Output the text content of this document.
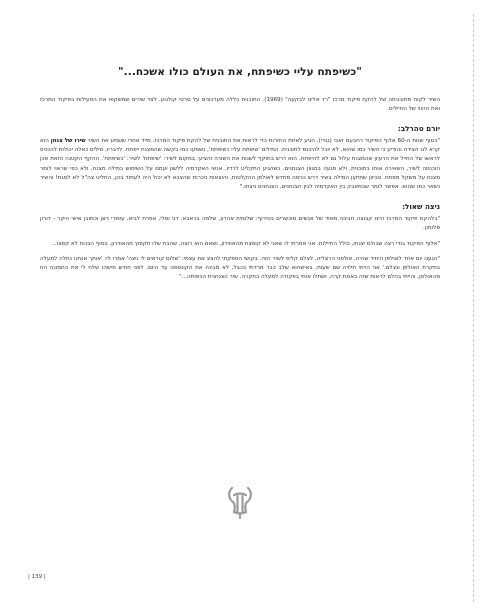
"כשיפתח עליי כשיפתח, את העולם כולו אשכח..."

השיר לקוח מתוכניתה של להקת פיקוד מרכז "רד אלינו לבקעה" (1969). התוכנית כללה מערכונים על סרטי קולנוע, לצד שירים שמשקפו את הפעילות בפיקוד המרכז ואת ההווי של החיילים.

יורם טהרלב:

"בסוף שנות ה-60 אלוף הפיקוד רחבעם זאבי (גנדי), הגיע לאחת החזרות כדי לראות את התוכנית של להקת פיקוד המרכז. מייד אחרי ששמע את השיר שירו של צנחן הוא קרא לנו הצידה והודיע כי השיר כמו שהוא, לא יוכל להיכנס לתוכנית. המילים 'שיפתח עליי כשיפתח', נשמעו כמו בקשה שהמצנח ייפתח. לדבריו, מילים כאלה יכולות להכניס לראשו של החייל את הרעיון שהמצנח עלול גם לא להיפתח. הוא דרש בתוקף לשנות את השורה והציע: במקום לשיר: 'שיפתח' לשיר: 'כשיפתח'. ההקף הקטנה הזאת אכן הוכנסה לשיר, השאירה אותו בתוכנית, ולא פגעה במגוון הצנחנים. כשהגיע התקליט לרדיו, אנשי האקדמיה ללשון ועמם על השימוש במילה מצנח, ולא כפי שראוי לומר מצנח על משקל מפתח. טכיוון שתיקון המילה בשיר דרש כניסה מחדש לאולפן ההקלטות, והוצאות ניכרות שהצבא לא יכול היה לעמוד בהן, החליט צה"ל לא לסגת! והשיר נשאר כמו שהוא. אפשר לומר שבמאבק בין האקדמיה לבין הצנחנים, הצנחנים ניצחו."

ניצה שאול:

"בלהקת פיקוד המרכז היינו קבוצה חביבה מאוד של אנשים מוכשרים בטירוף: שלומית אהרון, שלמה בראבא, דני וסלי, אפרת לביא, עזמרי ניצן וכמובן אישי היקר - דורון סלומון.

"אלוף הפיקוד גנדי רצה שכולם יצנחו, כולל החיילות. אני אמרתי לו שאני לא קופצת מהאווירון, ושאם הוא רוצה, שהבת שלו תקפוץ מהאווירון. בסוף הבנות לא קפצו...

"הגענו יום אחד לאולפן היחיד שהיה, אולפני הרצליה, לצלם קליפ לשיר הזה. בקושי הספקתי להציג את עצמי: 'שלום קוראים לי ניצה' אמרו לי: 'אותך אנחנו נתלה למעלה בתקרת האולפן ונצלם.' אני הייתי תלויה שם שעות, באישהוא שלב כבר מרדתי בכבל, לא מבינה את הקונספט עד היום. לפני חודש מישהו שלח לי את התמונה הזו מהאולפן, והייתי בהלם לראות שזה באמת קרה, ושתלו אותי בפקודה למעלה בתקרה. שיר הצנחנית הכפותה..."

| 139 |
